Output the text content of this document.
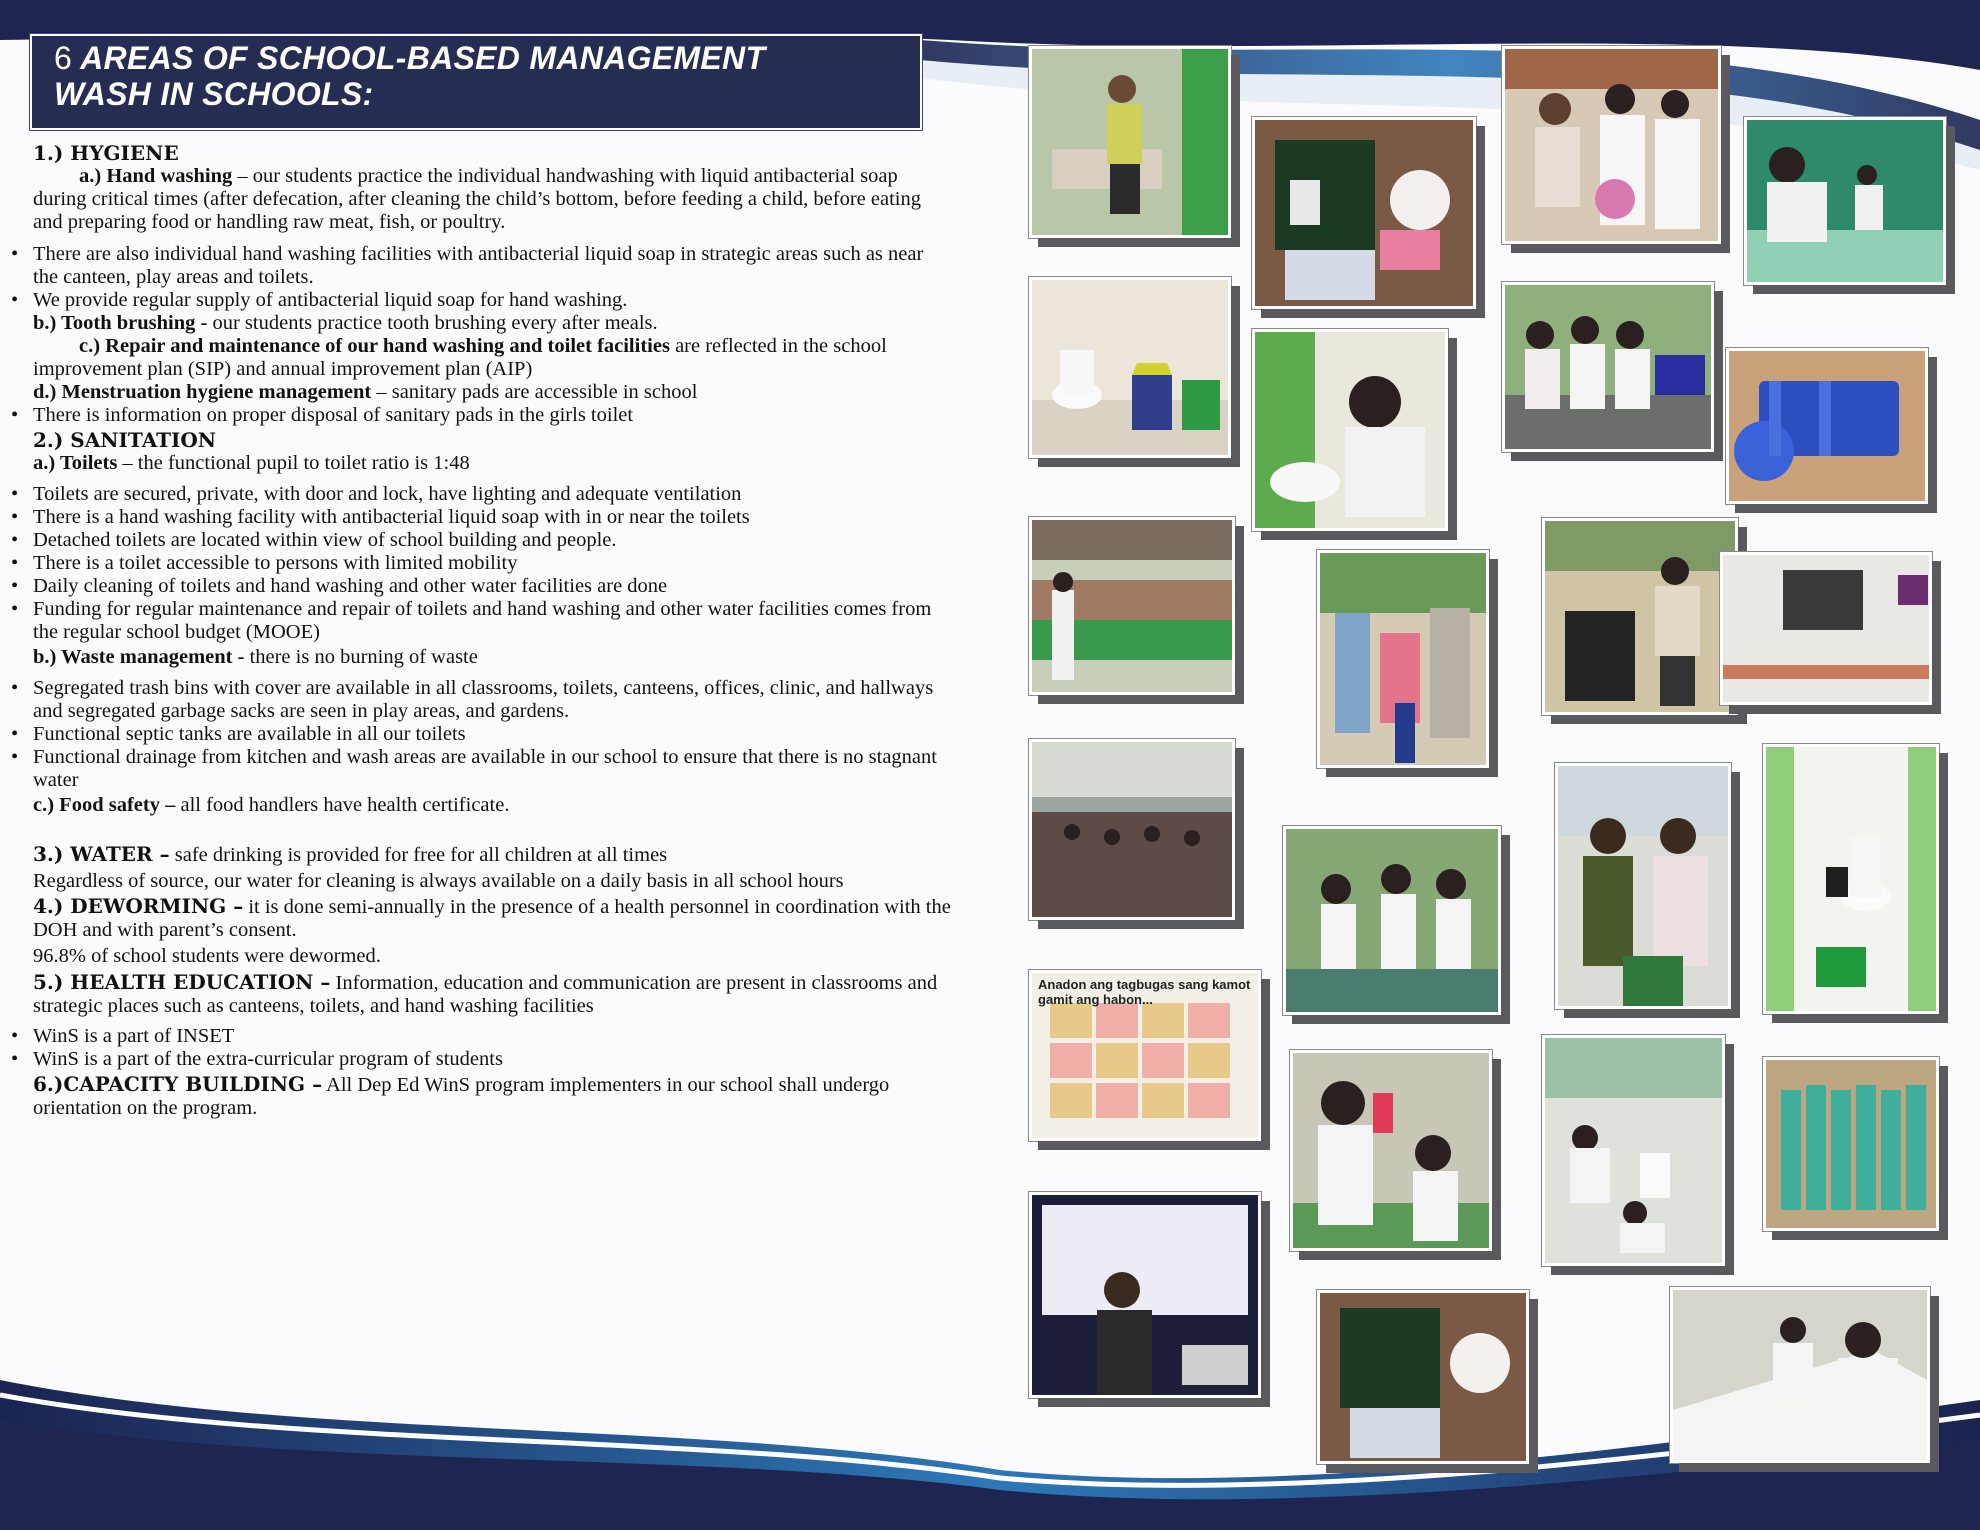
6 AREAS OF SCHOOL-BASED MANAGEMENT
WASH IN SCHOOLS:

1.) HYGIENE

a.) Hand washing – our students practice the individual handwashing with liquid antibacterial soap during critical times (after defecation, after cleaning the child’s bottom, before feeding a child, before eating and preparing food or handling raw meat, fish, or poultry.

• There are also individual hand washing facilities with antibacterial liquid soap in strategic areas such as near the canteen, play areas and toilets.

• We provide regular supply of antibacterial liquid soap for hand washing.

b.) Tooth brushing - our students practice tooth brushing every after meals.

c.) Repair and maintenance of our hand washing and toilet facilities are reflected in the school improvement plan (SIP) and annual improvement plan (AIP)

d.) Menstruation hygiene management – sanitary pads are accessible in school

• There is information on proper disposal of sanitary pads in the girls toilet

2.) SANITATION

a.) Toilets – the functional pupil to toilet ratio is 1:48

• Toilets are secured, private, with door and lock, have lighting and adequate ventilation

• There is a hand washing facility with antibacterial liquid soap with in or near the toilets

• Detached toilets are located within view of school building and people.

• There is a toilet accessible to persons with limited mobility

• Daily cleaning of toilets and hand washing and other water facilities are done

• Funding for regular maintenance and repair of toilets and hand washing and other water facilities comes from the regular school budget (MOOE)

b.) Waste management - there is no burning of waste

• Segregated trash bins with cover are available in all classrooms, toilets, canteens, offices, clinic, and hallways and segregated garbage sacks are seen in play areas, and gardens.

• Functional septic tanks are available in all our toilets

• Functional drainage from kitchen and wash areas are available in our school to ensure that there is no stagnant water

c.) Food safety – all food handlers have health certificate.

3.) WATER – safe drinking is provided for free for all children at all times

Regardless of source, our water for cleaning is always available on a daily basis in all school hours

4.) DEWORMING – it is done semi-annually in the presence of a health personnel in coordination with the DOH and with parent’s consent.

96.8% of school students were dewormed.

5.) HEALTH EDUCATION – Information, education and communication are present in classrooms and strategic places such as canteens, toilets, and hand washing facilities

• WinS is a part of INSET

• WinS is a part of the extra-curricular program of students

6.)CAPACITY BUILDING – All Dep Ed WinS program implementers in our school shall undergo orientation on the program.

Anadon ang tagbugas sang kamot gamit ang habon...
